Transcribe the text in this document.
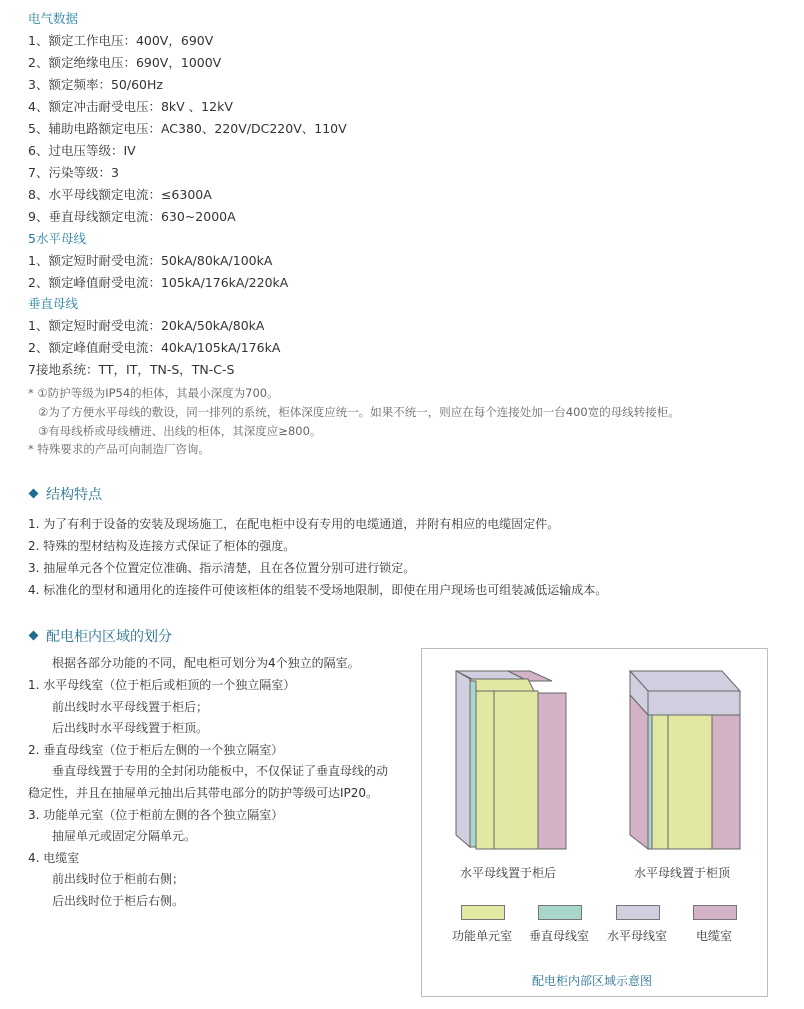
电气数据
1、额定工作电压：400V，690V
2、额定绝缘电压：690V，1000V
3、额定频率：50/60Hz
4、额定冲击耐受电压：8kV 、12kV
5、辅助电路额定电压：AC380、220V/DC220V、110V
6、过电压等级：IV
7、污染等级：3
8、水平母线额定电流：≤6300A
9、垂直母线额定电流：630~2000A
5水平母线
1、额定短时耐受电流：50kA/80kA/100kA
2、额定峰值耐受电流：105kA/176kA/220kA
垂直母线
1、额定短时耐受电流：20kA/50kA/80kA
2、额定峰值耐受电流：40kA/105kA/176kA
7接地系统：TT，IT，TN-S，TN-C-S
* ①防护等级为IP54的柜体，其最小深度为700。
②为了方便水平母线的敷设，同一排列的系统，柜体深度应统一。如果不统一，则应在每个连接处加一台400宽的母线转接柜。
③有母线桥或母线槽进、出线的柜体，其深度应≥800。
* 特殊要求的产品可向制造厂咨询。
结构特点
1. 为了有利于设备的安装及现场施工，在配电柜中设有专用的电缆通道，并附有相应的电缆固定件。
2. 特殊的型材结构及连接方式保证了柜体的强度。
3. 抽屉单元各个位置定位准确、指示清楚，且在各位置分别可进行锁定。
4. 标准化的型材和通用化的连接件可使该柜体的组装不受场地限制，即使在用户现场也可组装减低运输成本。
配电柜内区域的划分
根据各部分功能的不同，配电柜可划分为4个独立的隔室。
1. 水平母线室（位于柜后或柜顶的一个独立隔室）
前出线时水平母线置于柜后；
后出线时水平母线置于柜顶。
2. 垂直母线室（位于柜后左侧的一个独立隔室）
垂直母线置于专用的全封闭功能板中，不仅保证了垂直母线的动
稳定性，并且在抽屉单元抽出后其带电部分的防护等级可达IP20。
3. 功能单元室（位于柜前左侧的各个独立隔室）
抽屉单元或固定分隔单元。
4. 电缆室
前出线时位于柜前右侧；
后出线时位于柜后右侧。
水平母线置于柜后	水平母线置于柜顶
功能单元室 垂直母线室 水平母线室 电缆室
配电柜内部区域示意图
